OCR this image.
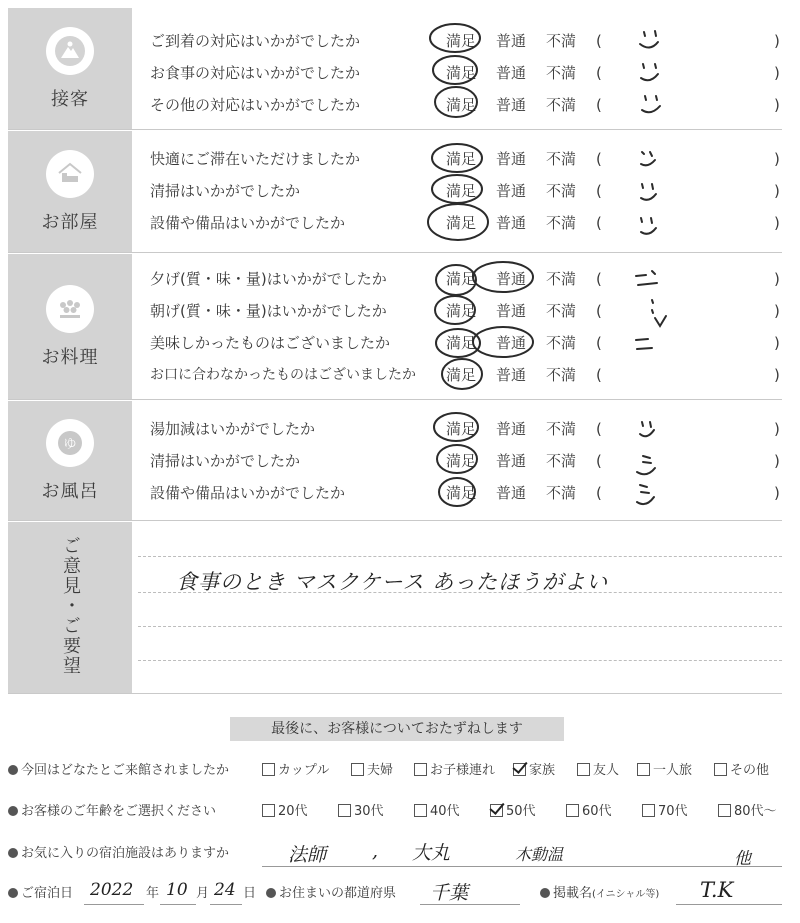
接客
ご到着の対応はいかがでしたか	満足 普通 不満 (	)
お食事の対応はいかがでしたか	満足 普通 不満 (	)
その他の対応はいかがでしたか	満足 普通 不満 (	)
お部屋
快適にご滞在いただけましたか	満足 普通 不満 (	)
清掃はいかがでしたか	満足 普通 不満 (	)
設備や備品はいかがでしたか	満足 普通 不満 (	)
お料理
夕げ(質・味・量)はいかがでしたか	満足 普通 不満 (	)
朝げ(質・味・量)はいかがでしたか	満足 普通 不満 (	)
美味しかったものはございましたか	満足 普通 不満 (	)
お口に合わなかったものはございましたか 満足 普通 不満 (	)
ゆ
お風呂
湯加減はいかがでしたか	満足 普通 不満 (	)
清掃はいかがでしたか	満足 普通 不満 (	)
設備や備品はいかがでしたか	満足 普通 不満 (	)
ご意見・ご要望	食事のとき マスクケース あったほうがよい
最後に、お客様についておたずねします
今回はどなたとご来館されましたか	カップル	夫婦	お子様連れ	家族	友人	一人旅	その他
お客様のご年齢をご選択ください	20代	30代	40代	50代	60代	70代	80代〜
お気に入りの宿泊施設はありますか	法師 , 大丸	木動温	他
ご宿泊日 2022 年 10 月 24 日	お住まいの都道府県 千葉	掲載名(イニシャル等) T.K
